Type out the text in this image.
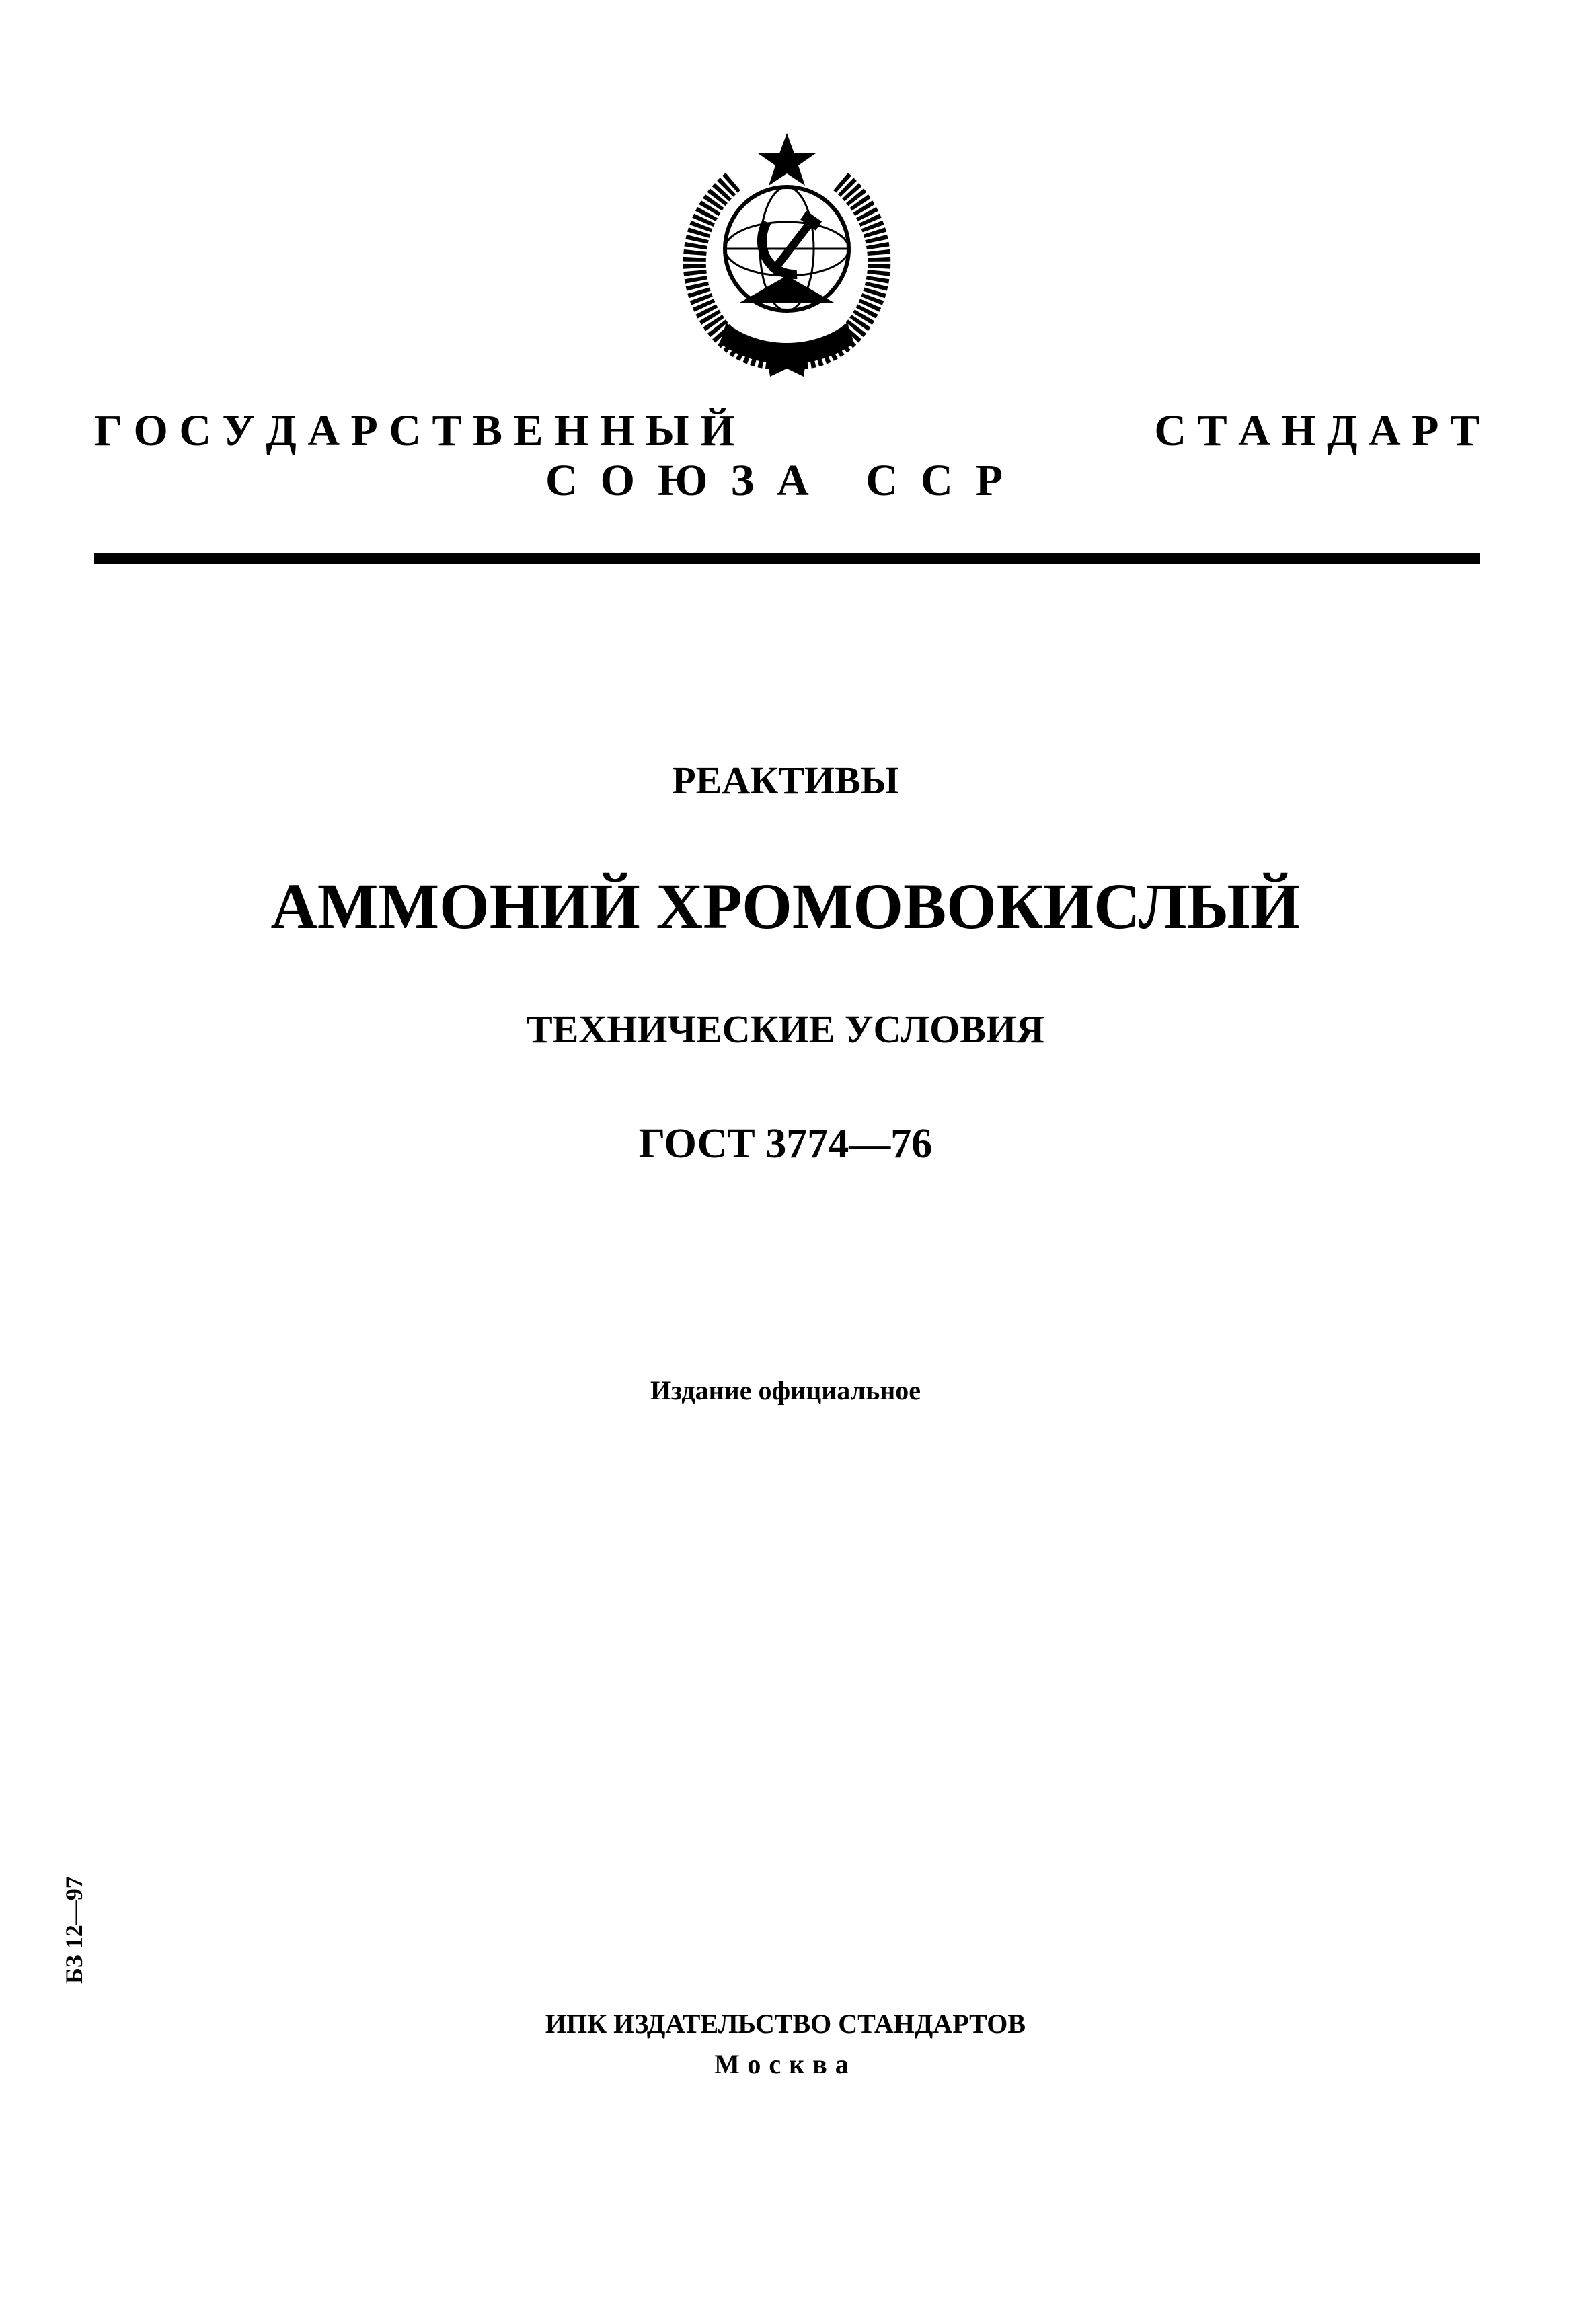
Г О С У Д А Р С Т В Е Н Н Ы Й	С Т А Н Д А Р Т
СОЮЗА ССР
РЕАКТИВЫ
АММОНИЙ ХРОМОВОКИСЛЫЙ
ТЕХНИЧЕСКИЕ УСЛОВИЯ
ГОСТ 3774—76
Издание официальное
БЗ 12—97
ИПК ИЗДАТЕЛЬСТВО СТАНДАРТОВ
Москва
